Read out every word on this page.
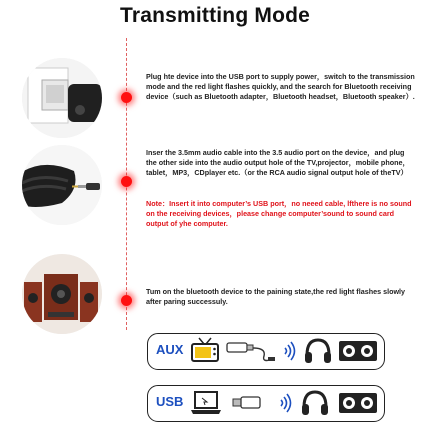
Transmitting Mode
Plug hte device into the USB port to supply power，switch to the transmission mode and the red light flashes quickly, and the search for Bluetooth receiving device（such as Bluetooth adapter，Bluetooth headset，Bluetooth speaker）.
Inser the 3.5mm audio cable into the 3.5 audio port on the device，and plug the other side into the audio output hole of the TV,projector，mobile phone，tablet，MP3，CDplayer etc.（or the RCA audio signal output hole of theTV）
Note：Insert it into computer’s USB port，no neeed cable, lfthere is no sound on the receiving devices，please change computer’sound to sound card output of yhe computer.
Tum on the bluetooth device to the paining state,the red light flashes slowly after paring successuly.
AUX
USB
